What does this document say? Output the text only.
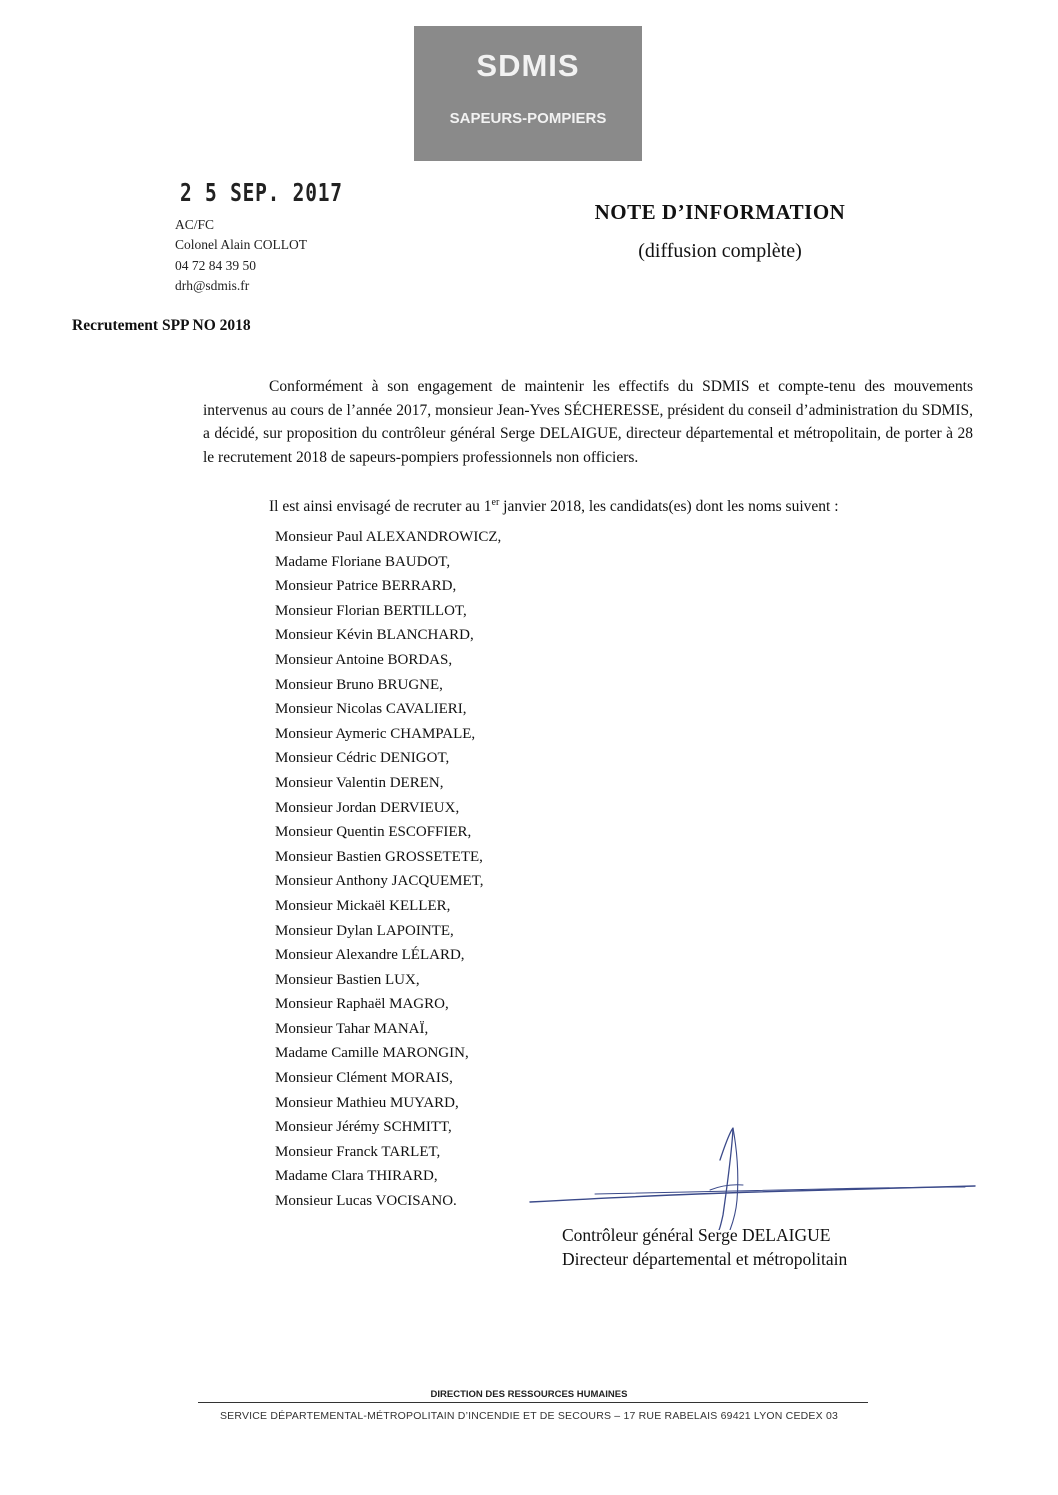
SDMIS
SAPEURS-POMPIERS
2 5 SEP. 2017
AC/FC
Colonel Alain COLLOT
04 72 84 39 50
drh@sdmis.fr
NOTE D’INFORMATION
(diffusion complète)
Recrutement SPP NO 2018

Conformément à son engagement de maintenir les effectifs du SDMIS et compte-tenu des mouvements intervenus au cours de l’année 2017, monsieur Jean-Yves SÉCHERESSE, président du conseil d’administration du SDMIS, a décidé, sur proposition du contrôleur général Serge DELAIGUE, directeur départemental et métropolitain, de porter à 28 le recrutement 2018 de sapeurs-pompiers professionnels non officiers.

Il est ainsi envisagé de recruter au 1er janvier 2018, les candidats(es) dont les noms suivent :
Monsieur Paul ALEXANDROWICZ,
Madame Floriane BAUDOT,
Monsieur Patrice BERRARD,
Monsieur Florian BERTILLOT,
Monsieur Kévin BLANCHARD,
Monsieur Antoine BORDAS,
Monsieur Bruno BRUGNE,
Monsieur Nicolas CAVALIERI,
Monsieur Aymeric CHAMPALE,
Monsieur Cédric DENIGOT,
Monsieur Valentin DEREN,
Monsieur Jordan DERVIEUX,
Monsieur Quentin ESCOFFIER,
Monsieur Bastien GROSSETETE,
Monsieur Anthony JACQUEMET,
Monsieur Mickaël KELLER,
Monsieur Dylan LAPOINTE,
Monsieur Alexandre LÉLARD,
Monsieur Bastien LUX,
Monsieur Raphaël MAGRO,
Monsieur Tahar MANAÏ,
Madame Camille MARONGIN,
Monsieur Clément MORAIS,
Monsieur Mathieu MUYARD,
Monsieur Jérémy SCHMITT,
Monsieur Franck TARLET,
Madame Clara THIRARD,
Monsieur Lucas VOCISANO.
Contrôleur général Serge DELAIGUE
Directeur départemental et métropolitain
DIRECTION DES RESSOURCES HUMAINES
SERVICE DÉPARTEMENTAL-MÉTROPOLITAIN D’INCENDIE ET DE SECOURS – 17 RUE RABELAIS 69421 LYON CEDEX 03
